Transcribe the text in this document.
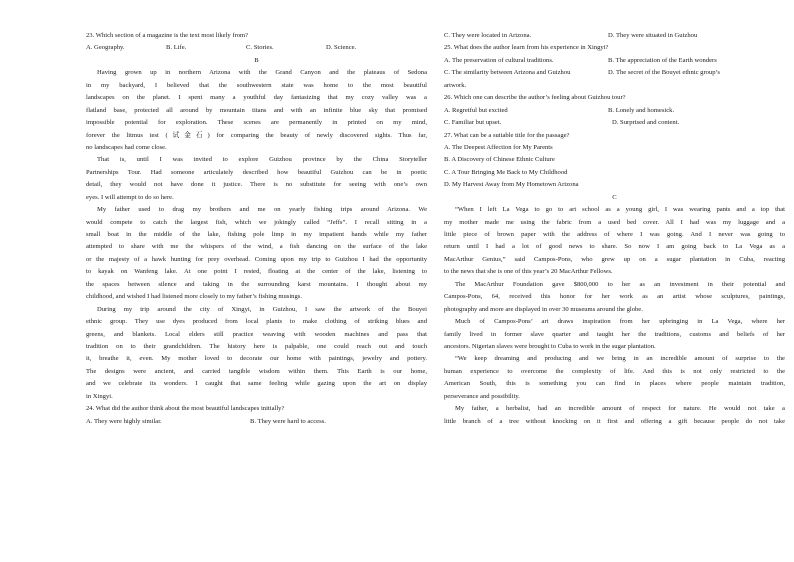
23. Which section of a magazine is the text most likely from?
A. Geography.	B. Life.	C. Stories.	D. Science.
B
Having grown up in northern Arizona with the Grand Canyon and the plateaus of Sedona
in my backyard, I believed that the southwestern state was home to the most beautiful
landscapes on the planet. I spent many a youthful day fantasizing that my cozy valley was a
flatland base, protected all around by mountain titans and with an infinite blue sky that promised
impossible potential for exploration. These scenes are permanently in printed on my mind,
forever the litmus test (试金石) for comparing the beauty of newly discovered sights. Thus far,
no landscapes had come close.
That is, until I was invited to explore Guizhou province by the China Storyteller
Partnerships Tour. Had someone articulately described how beautiful Guizhou can be in poetic
detail, they would not have done it justice. There is no substitute for seeing with one’s own
eyes. I will attempt to do so here.
My father used to drag my brothers and me on yearly fishing trips around Arizona. We
would compete to catch the largest fish, which we jokingly called “Jeffs”. I recall sitting in a
small boat in the middle of the lake, fishing pole limp in my impatient hands while my father
attempted to share with me the whispers of the wind, a fish dancing on the surface of the lake
or the majesty of a hawk hunting for prey overhead. Coming upon my trip to Guizhou I had the opportunity
to kayak on Wanfeng lake. At one point I rested, floating at the center of the lake, listening to
the spaces between silence and taking in the surrounding karst mountains. I thought about my
childhood, and wished I had listened more closely to my father’s fishing musings.
During my trip around the city of Xingyi, in Guizhou, I saw the artwork of the Bouyei
ethnic group. They use dyes produced from local plants to make clothing of striking blues and
greens, and blankets. Local elders still practice weaving with wooden machines and pass that
tradition on to their grandchildren. The history here is palpable, one could reach out and touch
it, breathe it, even. My mother loved to decorate our home with paintings, jewelry and pottery.
The designs were ancient, and carried tangible wisdom within them. This Earth is our home,
and we celebrate its wonders. I caught that same feeling while gazing upon the art on display
in Xingyi.
24. What did the author think about the most beautiful landscapes initially?
A. They were highly similar.	B. They were hard to access.
C. They were located in Arizona.	D. They were situated in Guizhou
25. What does the author learn from his experience in Xingyi?
A. The preservation of cultural traditions.	B. The appreciation of the Earth wonders
C. The similarity between Arizona and Guizhou	D. The secret of the Bouyei ethnic group’s
artwork.
26. Which one can describe the author’s feeling about Guizhou tour?
A. Regretful but excited	B. Lonely and homesick.
C. Familiar but upset.	D. Surprised and content.
27. What can be a suitable title for the passage?
A. The Deepest Affection for My Parents
B. A Discovery of Chinese Ethnic Culture
C. A Tour Bringing Me Back to My Childhood
D. My Harvest Away from My Hometown Arizona
C
“When I left La Vega to go to art school as a young girl, I was wearing pants and a top that
my mother made me using the fabric from a used bed cover. All I had was my luggage and a
little piece of brown paper with the address of where I was going. And I never was going to
return until I had a lot of good news to share. So now I am going back to La Vega as a
MacArthur Genius,” said Campos-Pons, who grew up on a sugar plantation in Cuba, reacting
to the news that she is one of this year’s 20 MacArthur Fellows.
The MacArthur Foundation gave $800,000 to her as an investment in their potential and
Campos-Pons, 64, received this honor for her work as an artist whose sculptures, paintings,
photography and more are displayed in over 30 museums around the globe.
Much of Campos-Pons’ art draws inspiration from her upbringing in La Vega, where her
family lived in former slave quarter and taught her the traditions, customs and beliefs of her
ancestors. Nigerian slaves were brought to Cuba to work in the sugar plantation.
“We keep dreaming and producing and we bring in an incredible amount of surprise to the
human experience to overcome the complexity of life. And this is not only restricted to the
American South, this is something you can find in places where people maintain tradition,
perseverance and possibility.
My father, a herbalist, had an incredible amount of respect for nature. He would not take a
little branch of a tree without knocking on it first and offering a gift because people do not take
